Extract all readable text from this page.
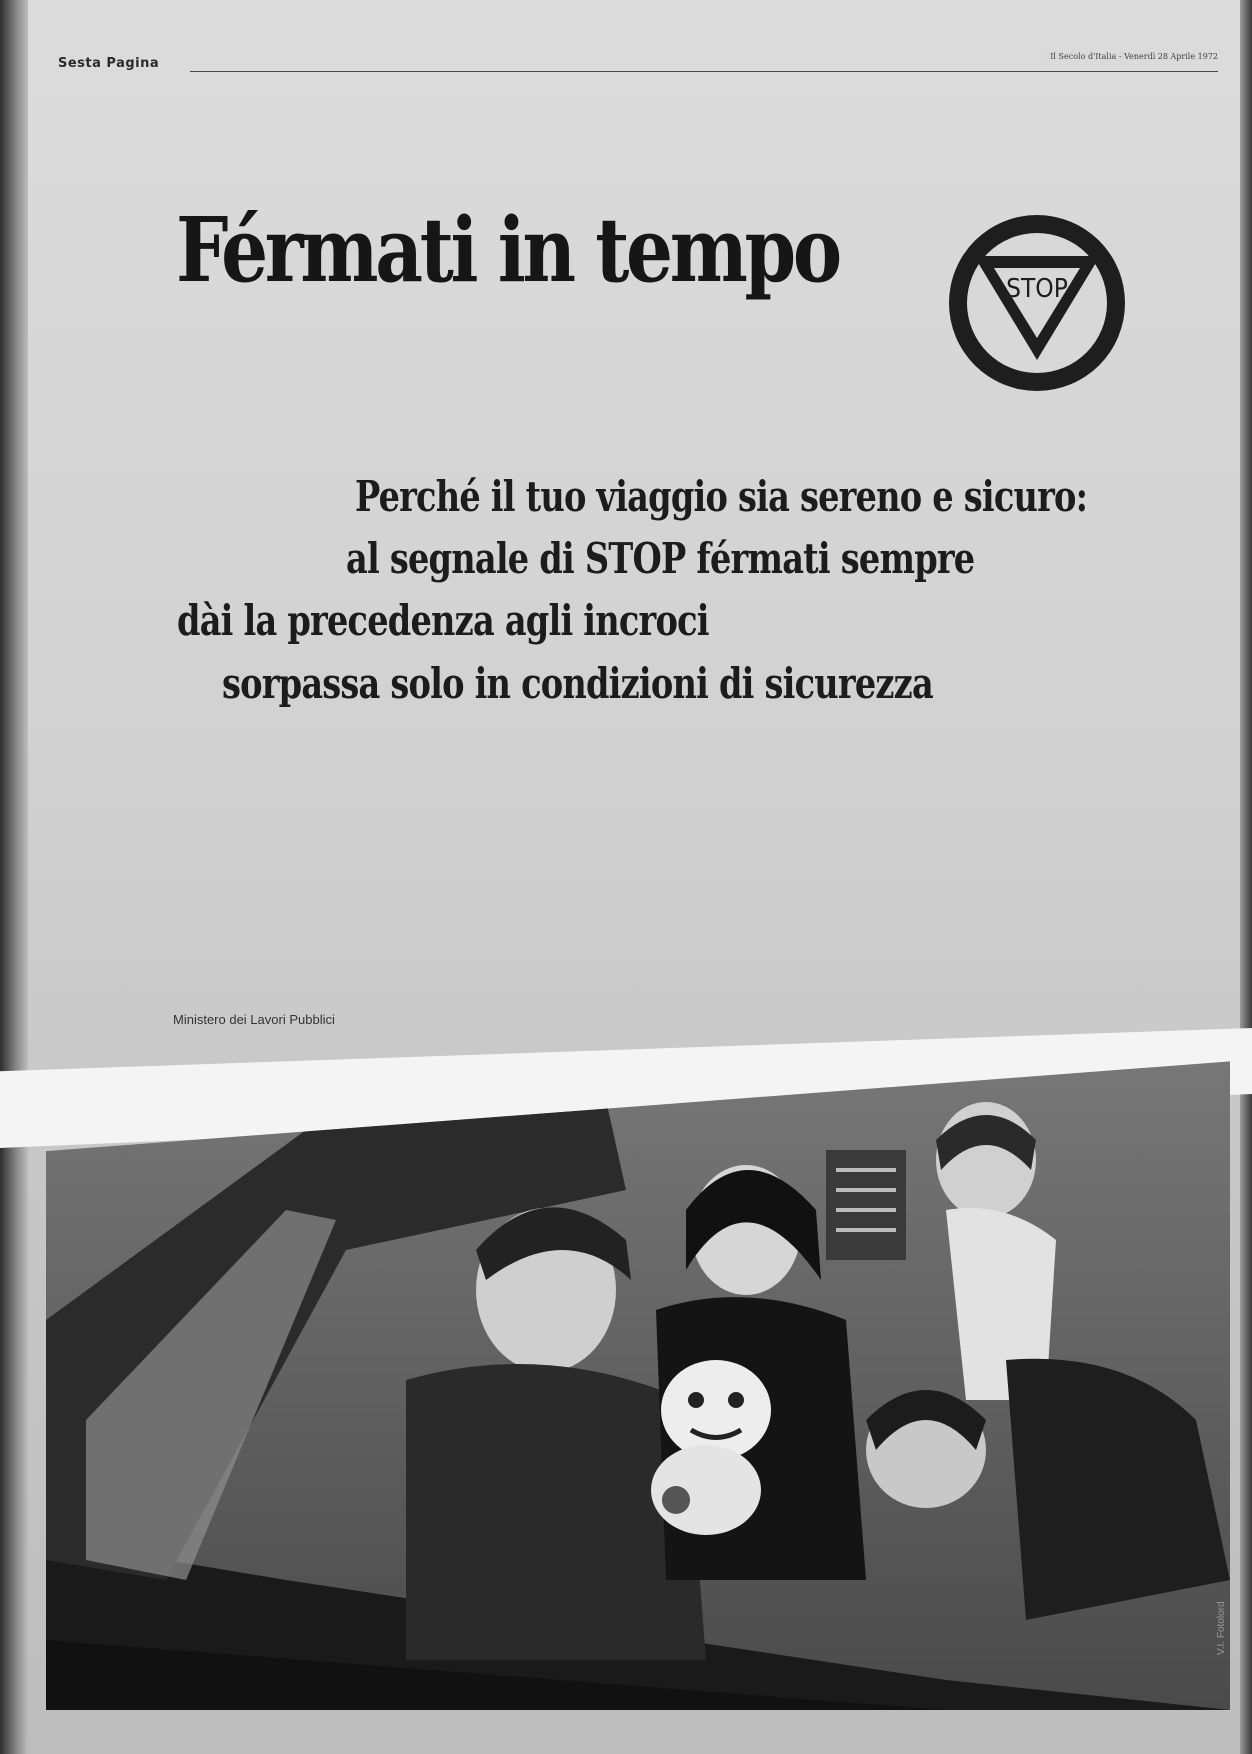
Sesta Pagina	Il Secolo d'Italia - Venerdì 28 Aprile 1972
Férmati in tempo	STOP

Perché il tuo viaggio sia sereno e sicuro:

al segnale di STOP férmati sempre

dài la precedenza agli incroci

sorpassa solo in condizioni di sicurezza

Ministero dei Lavori Pubblici
V.I. Fotolord
